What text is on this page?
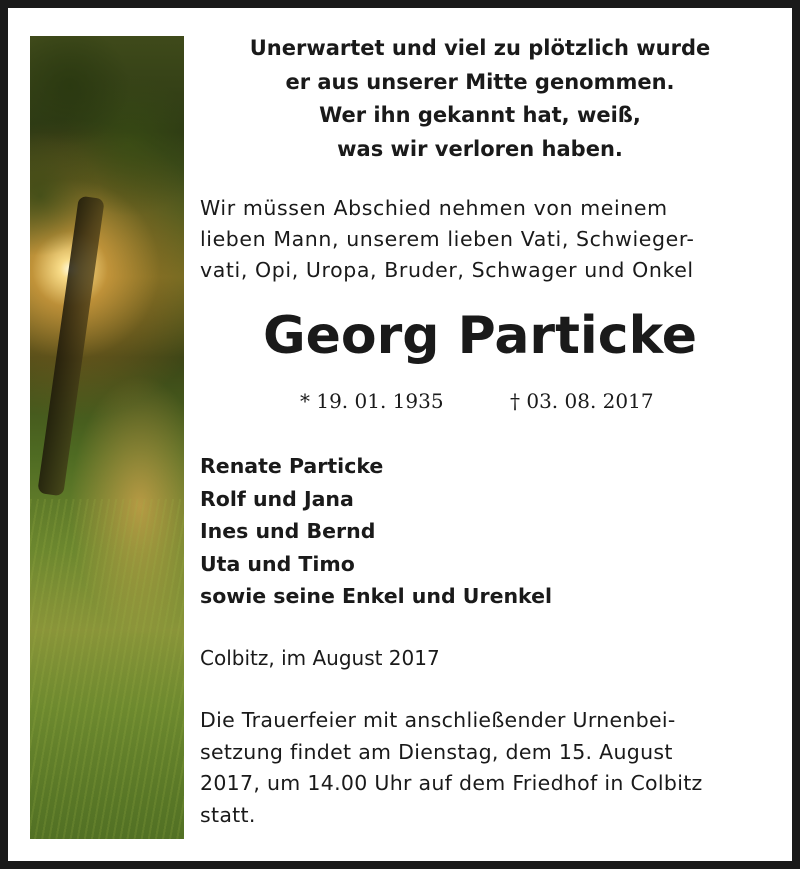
Unerwartet und viel zu plötzlich wurde
er aus unserer Mitte genommen.
Wer ihn gekannt hat, weiß,
was wir verloren haben.
Wir müssen Abschied nehmen von meinem
lieben Mann, unserem lieben Vati, Schwieger-
vati, Opi, Uropa, Bruder, Schwager und Onkel
Georg Particke
* 19. 01. 1935	† 03. 08. 2017
Renate Particke
Rolf und Jana
Ines und Bernd
Uta und Timo
sowie seine Enkel und Urenkel
Colbitz, im August 2017
Die Trauerfeier mit anschließender Urnenbei-
setzung findet am Dienstag, dem 15. August
2017, um 14.00 Uhr auf dem Friedhof in Colbitz
statt.
